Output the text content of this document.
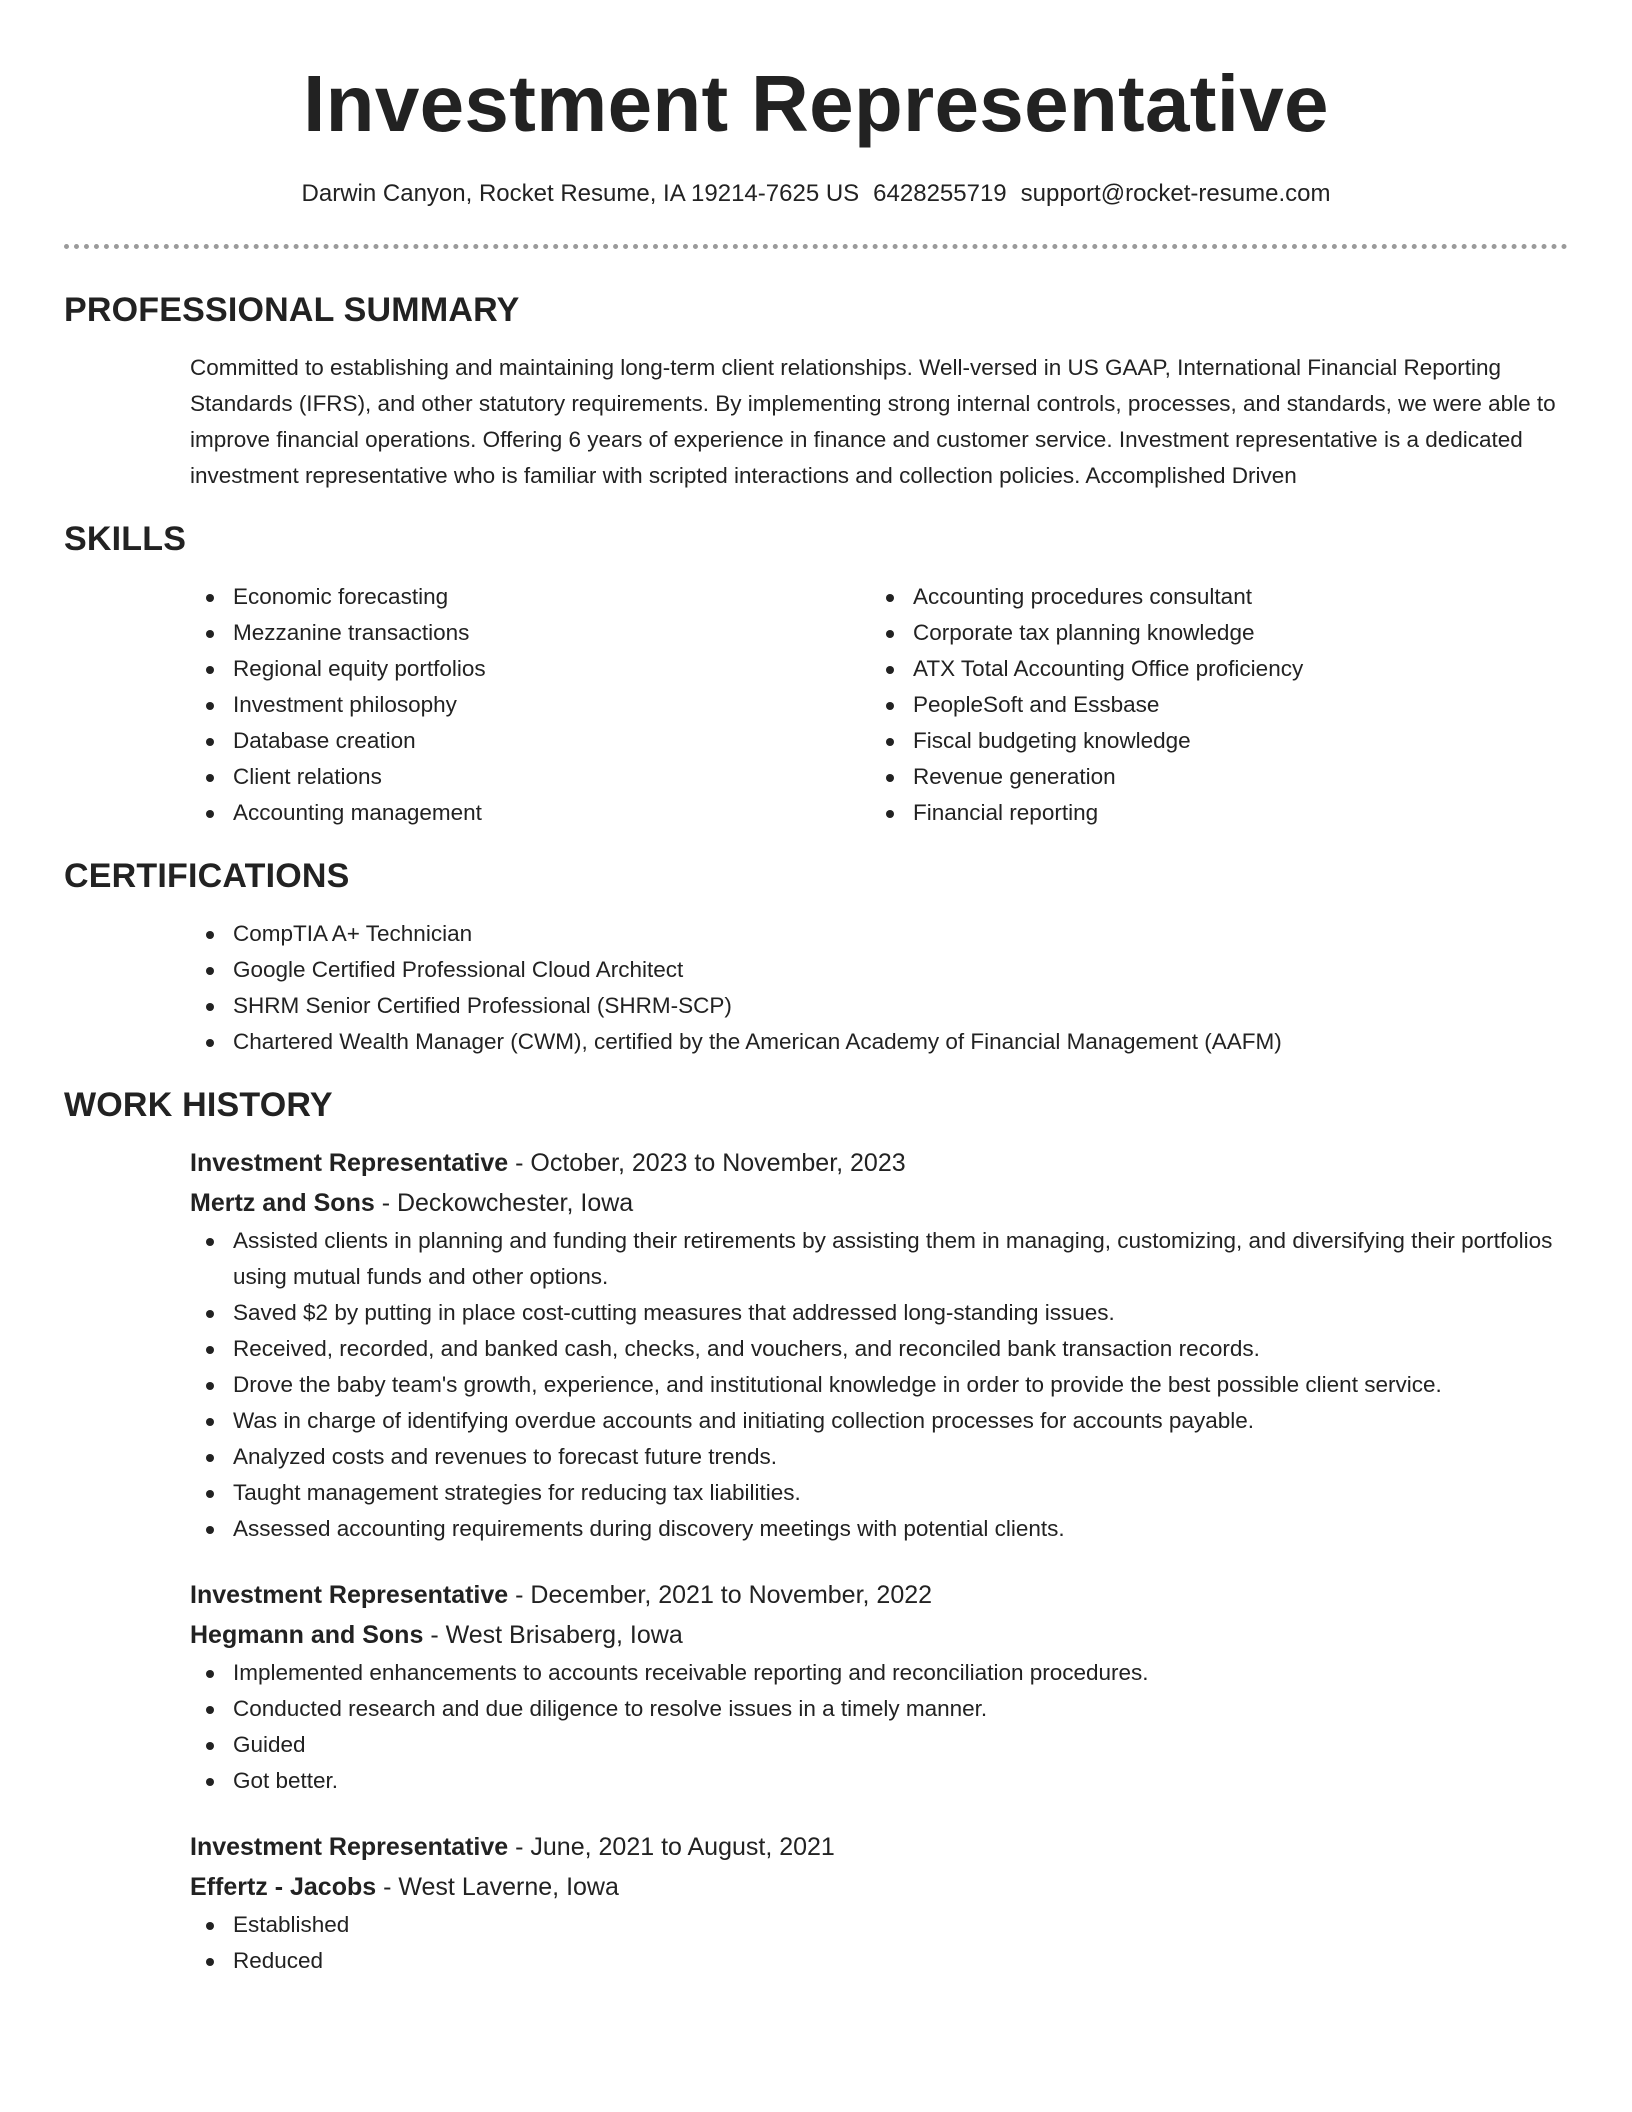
Investment Representative
Darwin Canyon, Rocket Resume, IA 19214-7625 US 6428255719 support@rocket-resume.com
PROFESSIONAL SUMMARY
Committed to establishing and maintaining long-term client relationships. Well-versed in US GAAP, International Financial Reporting Standards (IFRS), and other statutory requirements. By implementing strong internal controls, processes, and standards, we were able to improve financial operations. Offering 6 years of experience in finance and customer service. Investment representative is a dedicated investment representative who is familiar with scripted interactions and collection policies. Accomplished Driven
SKILLS
Economic forecasting
Mezzanine transactions
Regional equity portfolios
Investment philosophy
Database creation
Client relations
Accounting management
Accounting procedures consultant
Corporate tax planning knowledge
ATX Total Accounting Office proficiency
PeopleSoft and Essbase
Fiscal budgeting knowledge
Revenue generation
Financial reporting
CERTIFICATIONS
CompTIA A+ Technician
Google Certified Professional Cloud Architect
SHRM Senior Certified Professional (SHRM-SCP)
Chartered Wealth Manager (CWM), certified by the American Academy of Financial Management (AAFM)
WORK HISTORY
Investment Representative - October, 2023 to November, 2023
Mertz and Sons - Deckowchester, Iowa
Assisted clients in planning and funding their retirements by assisting them in managing, customizing, and diversifying their portfolios using mutual funds and other options.
Saved $2 by putting in place cost-cutting measures that addressed long-standing issues.
Received, recorded, and banked cash, checks, and vouchers, and reconciled bank transaction records.
Drove the baby team's growth, experience, and institutional knowledge in order to provide the best possible client service.
Was in charge of identifying overdue accounts and initiating collection processes for accounts payable.
Analyzed costs and revenues to forecast future trends.
Taught management strategies for reducing tax liabilities.
Assessed accounting requirements during discovery meetings with potential clients.
Investment Representative - December, 2021 to November, 2022
Hegmann and Sons - West Brisaberg, Iowa
Implemented enhancements to accounts receivable reporting and reconciliation procedures.
Conducted research and due diligence to resolve issues in a timely manner.
Guided
Got better.
Investment Representative - June, 2021 to August, 2021
Effertz - Jacobs - West Laverne, Iowa
Established
Reduced
